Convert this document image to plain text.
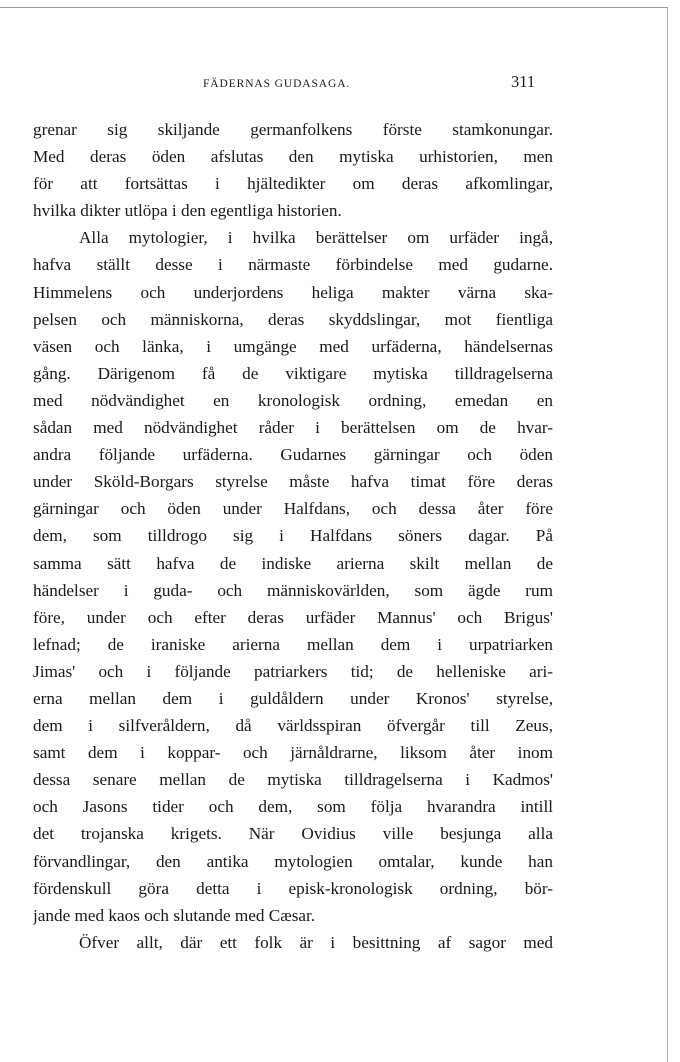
FÄDERNAS GUDASAGA.	311
grenar sig skiljande germanfolkens förste stamkonungar.
Med deras öden afslutas den mytiska urhistorien, men
för att fortsättas i hjältedikter om deras afkomlingar,
hvilka dikter utlöpa i den egentliga historien.
Alla mytologier, i hvilka berättelser om urfäder ingå,
hafva ställt desse i närmaste förbindelse med gudarne.
Himmelens och underjordens heliga makter värna ska-
pelsen och människorna, deras skyddslingar, mot fientliga
väsen och länka, i umgänge med urfäderna, händelsernas
gång. Därigenom få de viktigare mytiska tilldragelserna
med nödvändighet en kronologisk ordning, emedan en
sådan med nödvändighet råder i berättelsen om de hvar-
andra följande urfäderna. Gudarnes gärningar och öden
under Sköld-Borgars styrelse måste hafva timat före deras
gärningar och öden under Halfdans, och dessa åter före
dem, som tilldrogo sig i Halfdans söners dagar. På
samma sätt hafva de indiske arierna skilt mellan de
händelser i guda- och människovärlden, som ägde rum
före, under och efter deras urfäder Mannus' och Brigus'
lefnad; de iraniske arierna mellan dem i urpatriarken
Jimas' och i följande patriarkers tid; de helleniske ari-
erna mellan dem i guldåldern under Kronos' styrelse,
dem i silfveråldern, då världsspiran öfvergår till Zeus,
samt dem i koppar- och järnåldrarne, liksom åter inom
dessa senare mellan de mytiska tilldragelserna i Kadmos'
och Jasons tider och dem, som följa hvarandra intill
det trojanska krigets. När Ovidius ville besjunga alla
förvandlingar, den antika mytologien omtalar, kunde han
fördenskull göra detta i episk-kronologisk ordning, bör-
jande med kaos och slutande med Cæsar.
Öfver allt, där ett folk är i besittning af sagor med
